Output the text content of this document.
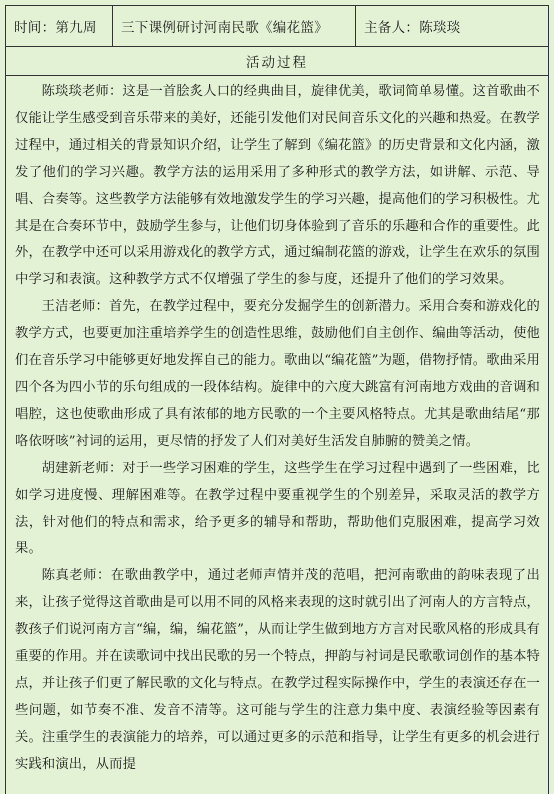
时间：第九周	三下课例研讨河南民歌《编花篮》	主备人：陈琰琰
活动过程

陈琰琰老师：这是一首脍炙人口的经典曲目，旋律优美，歌词简单易懂。这首歌曲不仅能让学生感受到音乐带来的美好，还能引发他们对民间音乐文化的兴趣和热爱。在教学过程中，通过相关的背景知识介绍，让学生了解到《编花篮》的历史背景和文化内涵，激发了他们的学习兴趣。教学方法的运用采用了多种形式的教学方法，如讲解、示范、导唱、合奏等。这些教学方法能够有效地激发学生的学习兴趣，提高他们的学习积极性。尤其是在合奏环节中，鼓励学生参与，让他们切身体验到了音乐的乐趣和合作的重要性。此外，在教学中还可以采用游戏化的教学方式，通过编制花篮的游戏，让学生在欢乐的氛围中学习和表演。这种教学方式不仅增强了学生的参与度，还提升了他们的学习效果。

王洁老师：首先，在教学过程中，要充分发掘学生的创新潜力。采用合奏和游戏化的教学方式，也要更加注重培养学生的创造性思维，鼓励他们自主创作、编曲等活动，使他们在音乐学习中能够更好地发挥自己的能力。歌曲以“编花篮”为题，借物抒情。歌曲采用四个各为四小节的乐句组成的一段体结构。旋律中的六度大跳富有河南地方戏曲的音调和唱腔，这也使歌曲形成了具有浓郁的地方民歌的一个主要风格特点。尤其是歌曲结尾“那咯依呀咳”衬词的运用，更尽情的抒发了人们对美好生活发自肺腑的赞美之情。

胡建新老师：对于一些学习困难的学生，这些学生在学习过程中遇到了一些困难，比如学习进度慢、理解困难等。在教学过程中要重视学生的个别差异，采取灵活的教学方法，针对他们的特点和需求，给予更多的辅导和帮助，帮助他们克服困难，提高学习效果。

陈真老师：在歌曲教学中，通过老师声情并茂的范唱，把河南歌曲的韵味表现了出来，让孩子觉得这首歌曲是可以用不同的风格来表现的这时就引出了河南人的方言特点，教孩子们说河南方言“编，编，编花篮”，从而让学生做到地方方言对民歌风格的形成具有重要的作用。并在读歌词中找出民歌的另一个特点，押韵与衬词是民歌歌词创作的基本特点，并让孩子们更了解民歌的文化与特点。在教学过程实际操作中，学生的表演还存在一些问题，如节奏不准、发音不清等。这可能与学生的注意力集中度、表演经验等因素有关。注重学生的表演能力的培养，可以通过更多的示范和指导，让学生有更多的机会进行实践和演出，从而提
